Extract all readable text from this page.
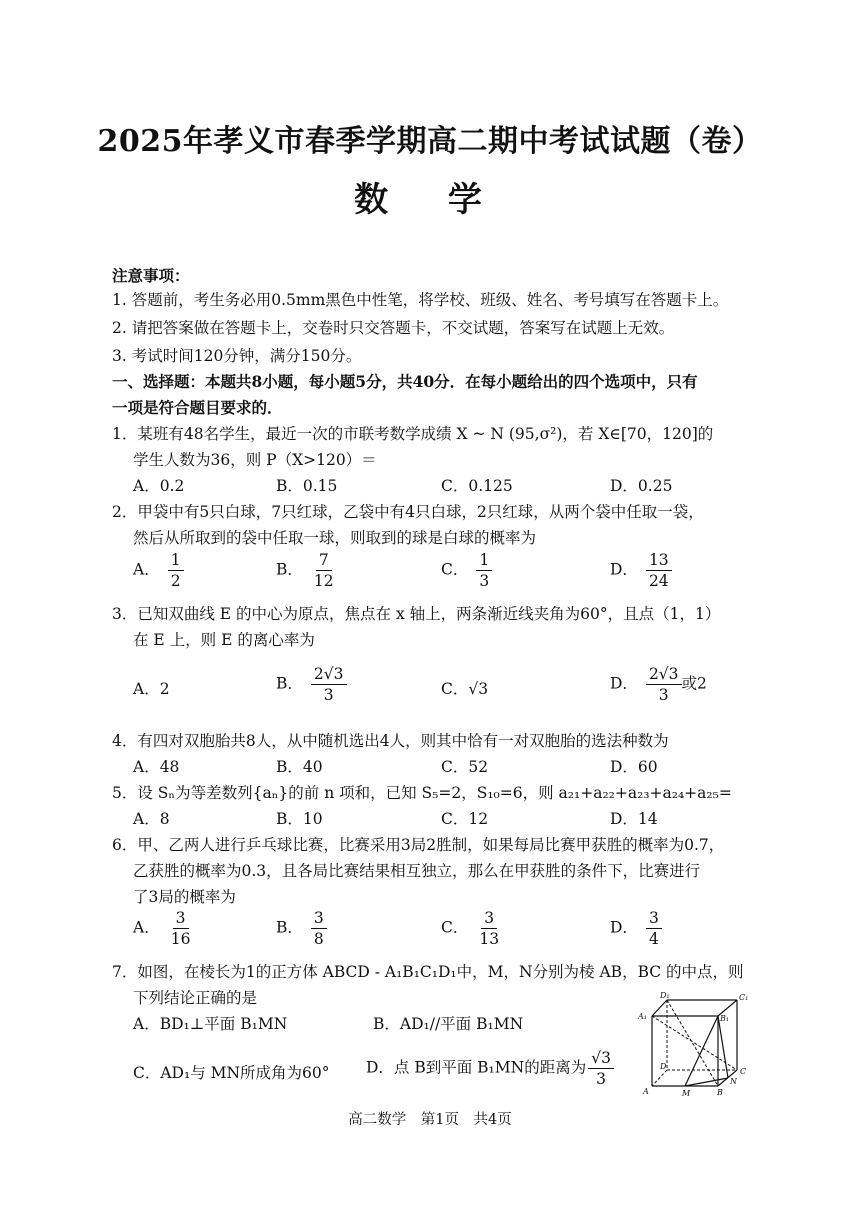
2025年孝义市春季学期高二期中考试试题（卷）
数 学
注意事项：
1. 答题前，考生务必用0.5mm黑色中性笔，将学校、班级、姓名、考号填写在答题卡上。
2. 请把答案做在答题卡上，交卷时只交答题卡，不交试题，答案写在试题上无效。
3. 考试时间120分钟，满分150分。
一、选择题：本题共8小题，每小题5分，共40分．在每小题给出的四个选项中，只有
一项是符合题目要求的．
1．某班有48名学生，最近一次的市联考数学成绩 X ~ N (95,σ²)，若 X∈[70，120]的
学生人数为36，则 P（X>120）＝
A．0.2	B．0.15	C．0.125	D．0.25
2．甲袋中有5只白球，7只红球，乙袋中有4只白球，2只红球，从两个袋中任取一袋，
然后从所取到的袋中任取一球，则取到的球是白球的概率为
A． $\frac{1}{2}$	B． $\frac{7}{12}$	C． $\frac{1}{3}$	D． $\frac{13}{24}$
3．已知双曲线 E 的中心为原点，焦点在 x 轴上，两条渐近线夹角为60°，且点（1，1）
在 E 上，则 E 的离心率为
A．2	B． $\frac{2√3}{3}$	C．√3	D． $\frac{2√3}{3}$ 或2
4．有四对双胞胎共8人，从中随机选出4人，则其中恰有一对双胞胎的选法种数为
A．48	B．40	C．52	D．60
5．设 Sₙ为等差数列{aₙ}的前 n 项和，已知 S₅=2，S₁₀=6，则 a₂₁+a₂₂+a₂₃+a₂₄+a₂₅=
A．8	B．10	C．12	D．14
6．甲、乙两人进行乒乓球比赛，比赛采用3局2胜制，如果每局比赛甲获胜的概率为0.7，
乙获胜的概率为0.3，且各局比赛结果相互独立，那么在甲获胜的条件下，比赛进行
了3局的概率为
A． $\frac{3}{16}$	B． $\frac{3}{8}$	C． $\frac{3}{13}$	D． $\frac{3}{4}$
7．如图，在棱长为1的正方体 ABCD - A₁B₁C₁D₁中，M，N分别为棱 AB，BC 的中点，则
下列结论正确的是
A．BD₁⊥平面 B₁MN	B．AD₁//平面 B₁MN
C．AD₁与 MN所成角为60° D．点 B到平面 B₁MN的距离为 $\frac{√3}{3}$
D₁	C₁
A₁	B₁
D
C
N
A	M	B
高二数学　第1页　共4页
